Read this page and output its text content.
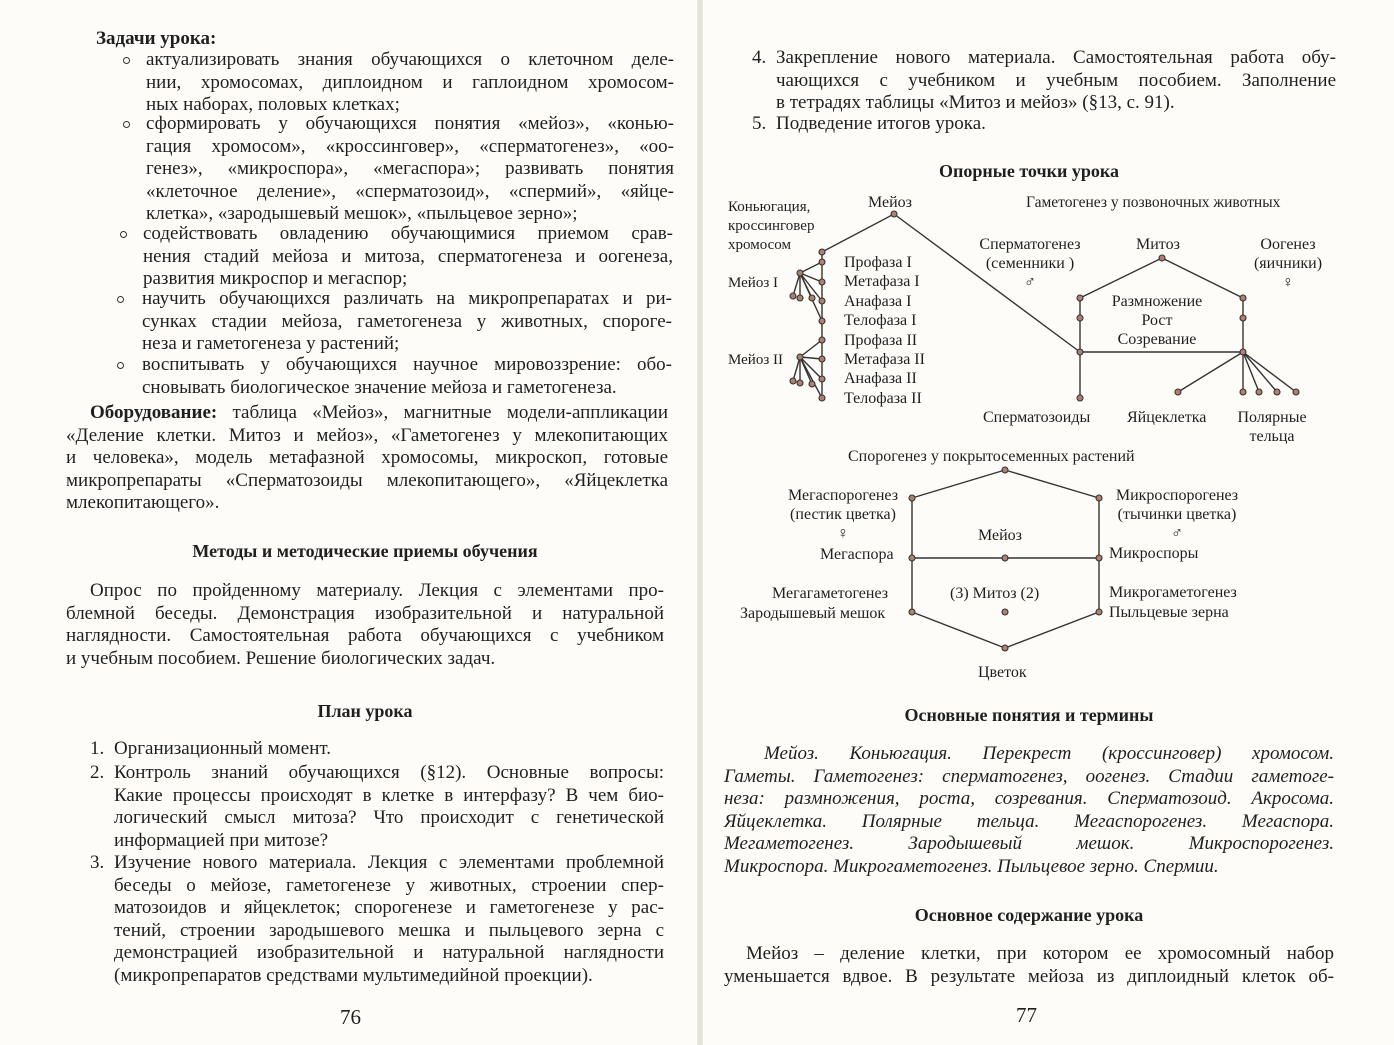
Задачи урока:
актуализировать знания обучающихся о клеточном деле-
нии, хромосомах, диплоидном и гаплоидном хромосом-
ных наборах, половых клетках;
сформировать у обучающихся понятия «мейоз», «конью-
гация хромосом», «кроссинговер», «сперматогенез», «оо-
генез», «микроспора», «мегаспора»; развивать понятия
«клеточное деление», «сперматозоид», «спермий», «яйце-
клетка», «зародышевый мешок», «пыльцевое зерно»;
содействовать овладению обучающимися приемом срав-
нения стадий мейоза и митоза, сперматогенеза и оогенеза,
развития микроспор и мегаспор;
научить обучающихся различать на микропрепаратах и ри-
сунках стадии мейоза, гаметогенеза у животных, спороге-
неза и гаметогенеза у растений;
воспитывать у обучающихся научное мировоззрение: обо-
сновывать биологическое значение мейоза и гаметогенеза.
Оборудование: таблица «Мейоз», магнитные модели-аппликации
«Деление клетки. Митоз и мейоз», «Гаметогенез у млекопитающих
и человека», модель метафазной хромосомы, микроскоп, готовые
микропрепараты «Сперматозоиды млекопитающего», «Яйцеклетка
млекопитающего».
Методы и методические приемы обучения
Опрос по пройденному материалу. Лекция с элементами про-
блемной беседы. Демонстрация изобразительной и натуральной
наглядности. Самостоятельная работа обучающихся с учебником
и учебным пособием. Решение биологических задач.
План урока
1. Организационный момент.
2. Контроль знаний обучающихся (§12). Основные вопросы:
Какие процессы происходят в клетке в интерфазу? В чем био-
логический смысл митоза? Что происходит с генетической
информацией при митозе?
3. Изучение нового материала. Лекция с элементами проблемной
беседы о мейозе, гаметогенезе у животных, строении спер-
матозоидов и яйцеклеток; спорогенезе и гаметогенезе у рас-
тений, строении зародышевого мешка и пыльцевого зерна с
демонстрацией изобразительной и натуральной наглядности
(микропрепаратов средствами мультимедийной проекции).
76
4. Закрепление нового материала. Самостоятельная работа обу-
чающихся с учебником и учебным пособием. Заполнение
в тетрадях таблицы «Митоз и мейоз» (§13, с. 91).
5. Подведение итогов урока.
Опорные точки урока
Мейоз
Коньюгация,
кроссинговер
хромосом
Мейоз I
Мейоз II
Профаза I
Метафаза I
Анафаза I
Телофаза I
Профаза II
Метафаза II
Анафаза II
Телофаза II
Гаметогенез у позвоночных животных
Сперматогенез
(семенники )
♂
Митоз	Оогенез
(яичники)
♀
Размножение
Рост
Созревание
Сперматозоиды Яйцеклетка	Полярные
тельца
Спорогенез у покрытосеменных растений
Мегаспорогенез
(пестик цветка)
♀
Микроспорогенез
(тычинки цветка)
♂
Мейоз
Мегаспора	Микроспоры
Мегагаметогенез
Зародышевый мешок
(3) Митоз (2)	Микрогаметогенез
Пыльцевые зерна
Цветок
Основные понятия и термины
Мейоз. Коньюгация. Перекрест (кроссинговер) хромосом.
Гаметы. Гаметогенез: сперматогенез, оогенез. Стадии гаметоге-
неза: размножения, роста, созревания. Сперматозоид. Акросома.
Яйцеклетка. Полярные тельца. Мегаспорогенез. Мегаспора.
Мегаметогенез. Зародышевый мешок. Микроспорогенез.
Микроспора. Микрогаметогенез. Пыльцевое зерно. Спермии.
Основное содержание урока
Мейоз – деление клетки, при котором ее хромосомный набор
уменьшается вдвое. В результате мейоза из диплоидный клеток об-
77
